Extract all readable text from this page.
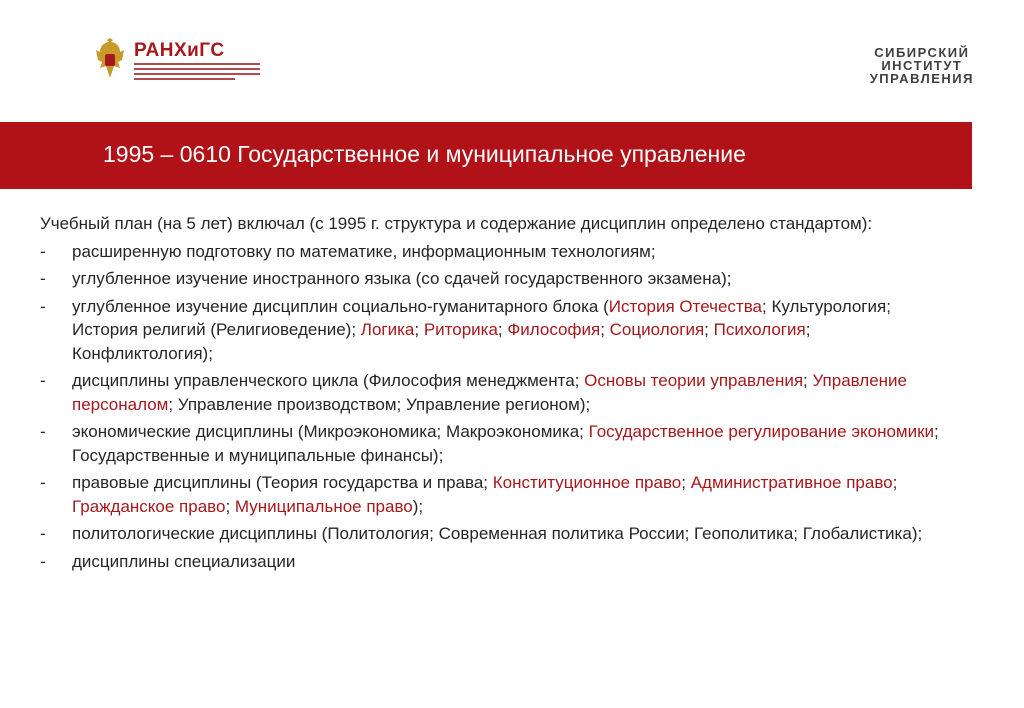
РАНХиГС	СИБИРСКИЙ
ИНСТИТУТ
УПРАВЛЕНИЯ
1995 – 0610 Государственное и муниципальное управление

Учебный план (на 5 лет) включал (с 1995 г. структура и содержание дисциплин определено стандартом):

- расширенную подготовку по математике, информационным технологиям;
- углубленное изучение иностранного языка (со сдачей государственного экзамена);
- углубленное изучение дисциплин социально-гуманитарного блока (История Отечества; Культурология; История религий (Религиоведение); Логика; Риторика; Философия; Социология; Психология; Конфликтология);
- дисциплины управленческого цикла (Философия менеджмента; Основы теории управления; Управление персоналом; Управление производством; Управление регионом);
- экономические дисциплины (Микроэкономика; Макроэкономика; Государственное регулирование экономики; Государственные и муниципальные финансы);
- правовые дисциплины (Теория государства и права; Конституционное право; Административное право; Гражданское право; Муниципальное право);
- политологические дисциплины (Политология; Современная политика России; Геополитика; Глобалистика);
- дисциплины специализации
